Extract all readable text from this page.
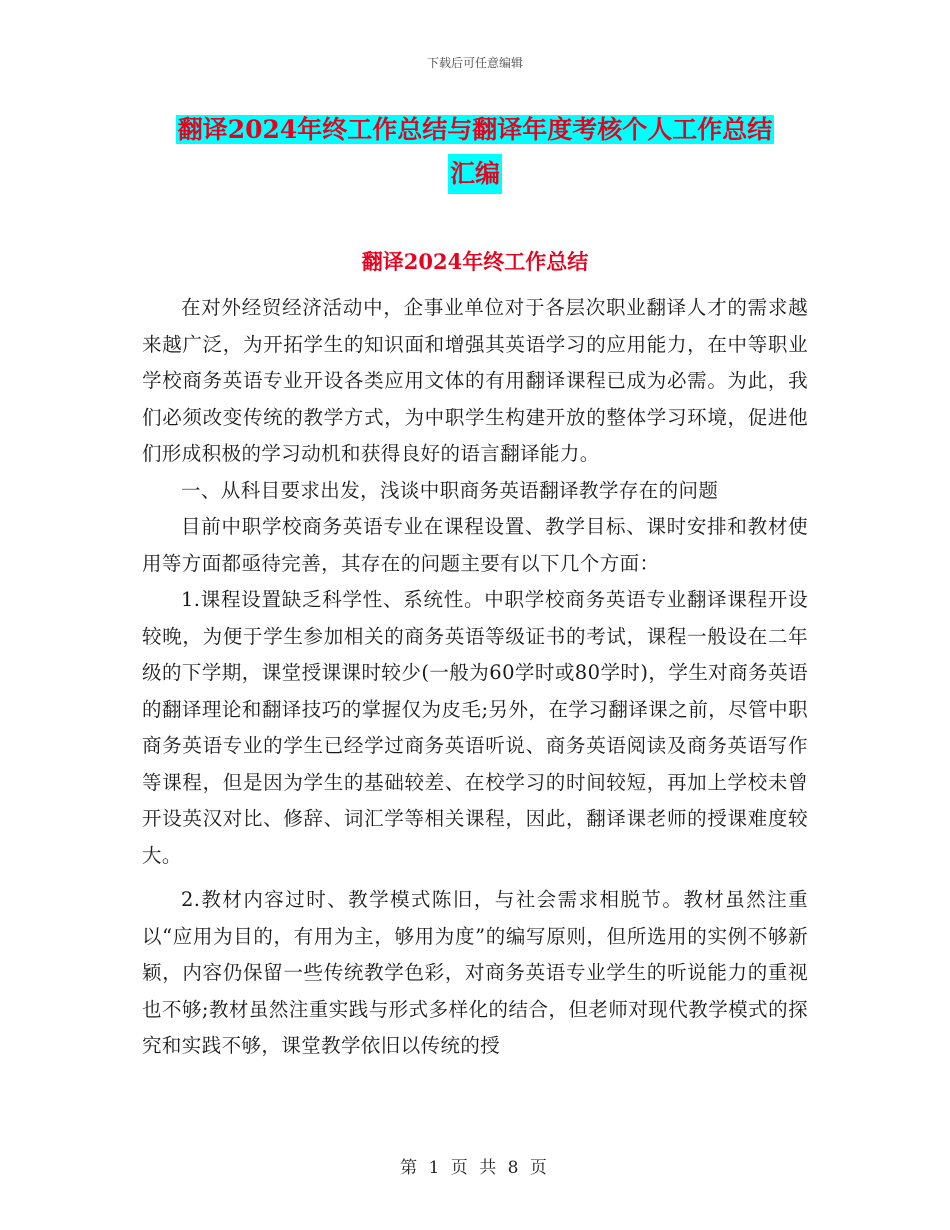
下载后可任意编辑
翻译2024年终工作总结与翻译年度考核个人工作总结
汇编
翻译2024年终工作总结

在对外经贸经济活动中，企事业单位对于各层次职业翻译人才的需求越来越广泛，为开拓学生的知识面和增强其英语学习的应用能力，在中等职业学校商务英语专业开设各类应用文体的有用翻译课程已成为必需。为此，我们必须改变传统的教学方式，为中职学生构建开放的整体学习环境，促进他们形成积极的学习动机和获得良好的语言翻译能力。

一、从科目要求出发，浅谈中职商务英语翻译教学存在的问题

目前中职学校商务英语专业在课程设置、教学目标、课时安排和教材使用等方面都亟待完善，其存在的问题主要有以下几个方面：

1.课程设置缺乏科学性、系统性。中职学校商务英语专业翻译课程开设较晚，为便于学生参加相关的商务英语等级证书的考试，课程一般设在二年级的下学期，课堂授课课时较少(一般为60学时或80学时)，学生对商务英语的翻译理论和翻译技巧的掌握仅为皮毛;另外，在学习翻译课之前，尽管中职商务英语专业的学生已经学过商务英语听说、商务英语阅读及商务英语写作等课程，但是因为学生的基础较差、在校学习的时间较短，再加上学校未曾开设英汉对比、修辞、词汇学等相关课程，因此，翻译课老师的授课难度较大。

2.教材内容过时、教学模式陈旧，与社会需求相脱节。教材虽然注重以“应用为目的，有用为主，够用为度”的编写原则，但所选用的实例不够新颖，内容仍保留一些传统教学色彩，对商务英语专业学生的听说能力的重视也不够;教材虽然注重实践与形式多样化的结合，但老师对现代教学模式的探究和实践不够，课堂教学依旧以传统的授

第 1 页 共 8 页
